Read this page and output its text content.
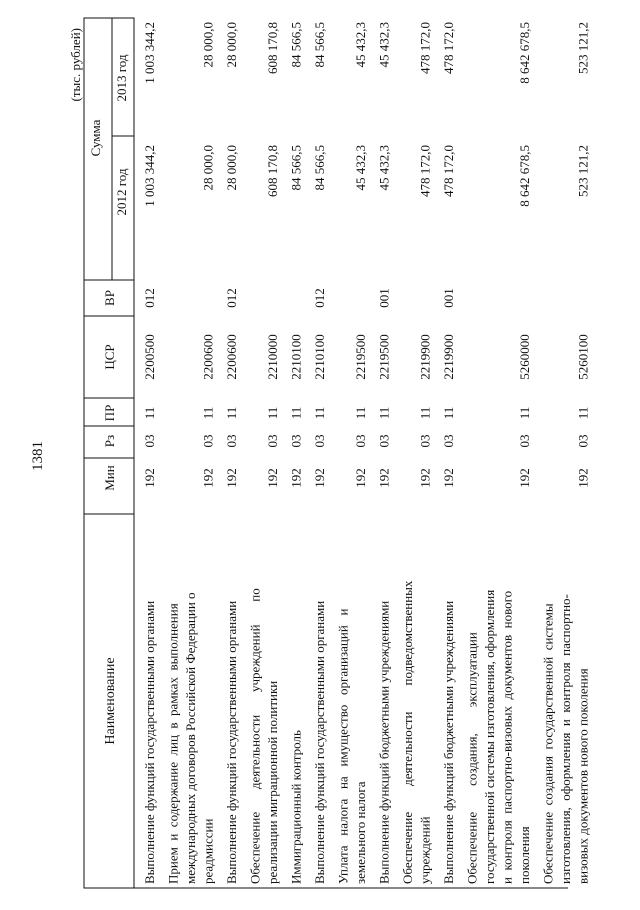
1381
(тыс. рублей)
Наименование
Мин
Рз
ПР
ЦСР
ВР
Сумма
2012 год
2013 год
Выполнение функций государственными органами
192
03
11
2200500
012
1 003 344,2
1 003 344,2
Прием  и  содержание  лиц  в  рамках  выполнения международных договоров Российской Федерации о реадмиссии
192
03
11
2200600
28 000,0
28 000,0
Выполнение функций государственными органами
192
03
11
2200600
012
28 000,0
28 000,0
Обеспечение       деятельности       учреждений       по реализации миграционной политики
192
03
11
2210000
608 170,8
608 170,8
Иммиграционный контроль
192
03
11
2210100
84 566,5
84 566,5
Выполнение функций государственными органами
192
03
11
2210100
012
84 566,5
84 566,5
Уплата   налога   на   имущество   организаций   и земельного налога
192
03
11
2219500
45 432,3
45 432,3
Выполнение функций бюджетными учреждениями
192
03
11
2219500
001
45 432,3
45 432,3
Обеспечение        деятельности        подведомственных учреждений
192
03
11
2219900
478 172,0
478 172,0
Выполнение функций бюджетными учреждениями
192
03
11
2219900
001
478 172,0
478 172,0
Обеспечение        создания,        эксплуатации государственной системы изготовления, оформления и  контроля  паспортно-визовых  документов  нового поколения
192
03
11
5260000
8 642 678,5
8 642 678,5
Обеспечение  создания  государственной  системы изготовления,  оформления  и  контроля  паспортно- визовых документов нового поколения
192
03
11
5260100
523 121,2
523 121,2
